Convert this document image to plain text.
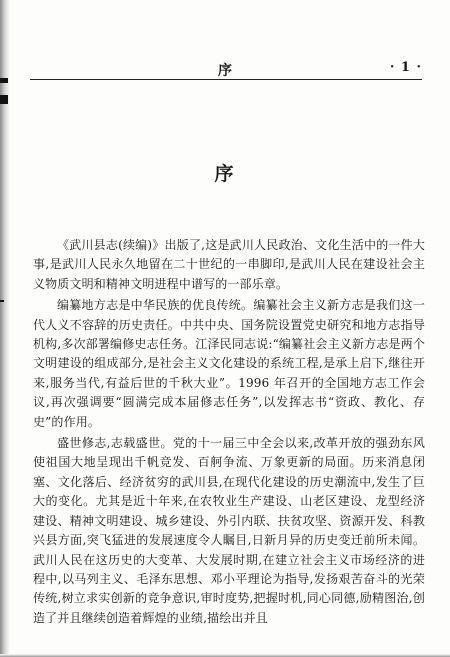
序	· 1 ·
序

《武川县志(续编)》出版了,这是武川人民政治、文化生活中的一件大事,是武川人民永久地留在二十世纪的一串脚印,是武川人民在建设社会主义物质文明和精神文明进程中谱写的一部乐章。

编纂地方志是中华民族的优良传统。编纂社会主义新方志是我们这一代人义不容辞的历史责任。中共中央、国务院设置党史研究和地方志指导机构,多次部署编修史志任务。江泽民同志说:“编纂社会主义新方志是两个文明建设的组成部分,是社会主义文化建设的系统工程,是承上启下,继往开来,服务当代,有益后世的千秋大业”。1996 年召开的全国地方志工作会议,再次强调要“圆满完成本届修志任务”,以发挥志书“资政、教化、存史”的作用。

盛世修志,志载盛世。党的十一届三中全会以来,改革开放的强劲东风使祖国大地呈现出千帆竞发、百舸争流、万象更新的局面。历来消息闭塞、文化落后、经济贫穷的武川县,在现代化建设的历史潮流中,发生了巨大的变化。尤其是近十年来,在农牧业生产建设、山老区建设、龙型经济建设、精神文明建设、城乡建设、外引内联、扶贫攻坚、资源开发、科教兴县方面,突飞猛进的发展速度令人瞩目,日新月异的历史变迁前所未闻。武川人民在这历史的大变革、大发展时期,在建立社会主义市场经济的进程中,以马列主义、毛泽东思想、邓小平理论为指导,发扬艰苦奋斗的光荣传统,树立求实创新的竞争意识,审时度势,把握时机,同心同德,励精图治,创造了并且继续创造着辉煌的业绩,描绘出并且
